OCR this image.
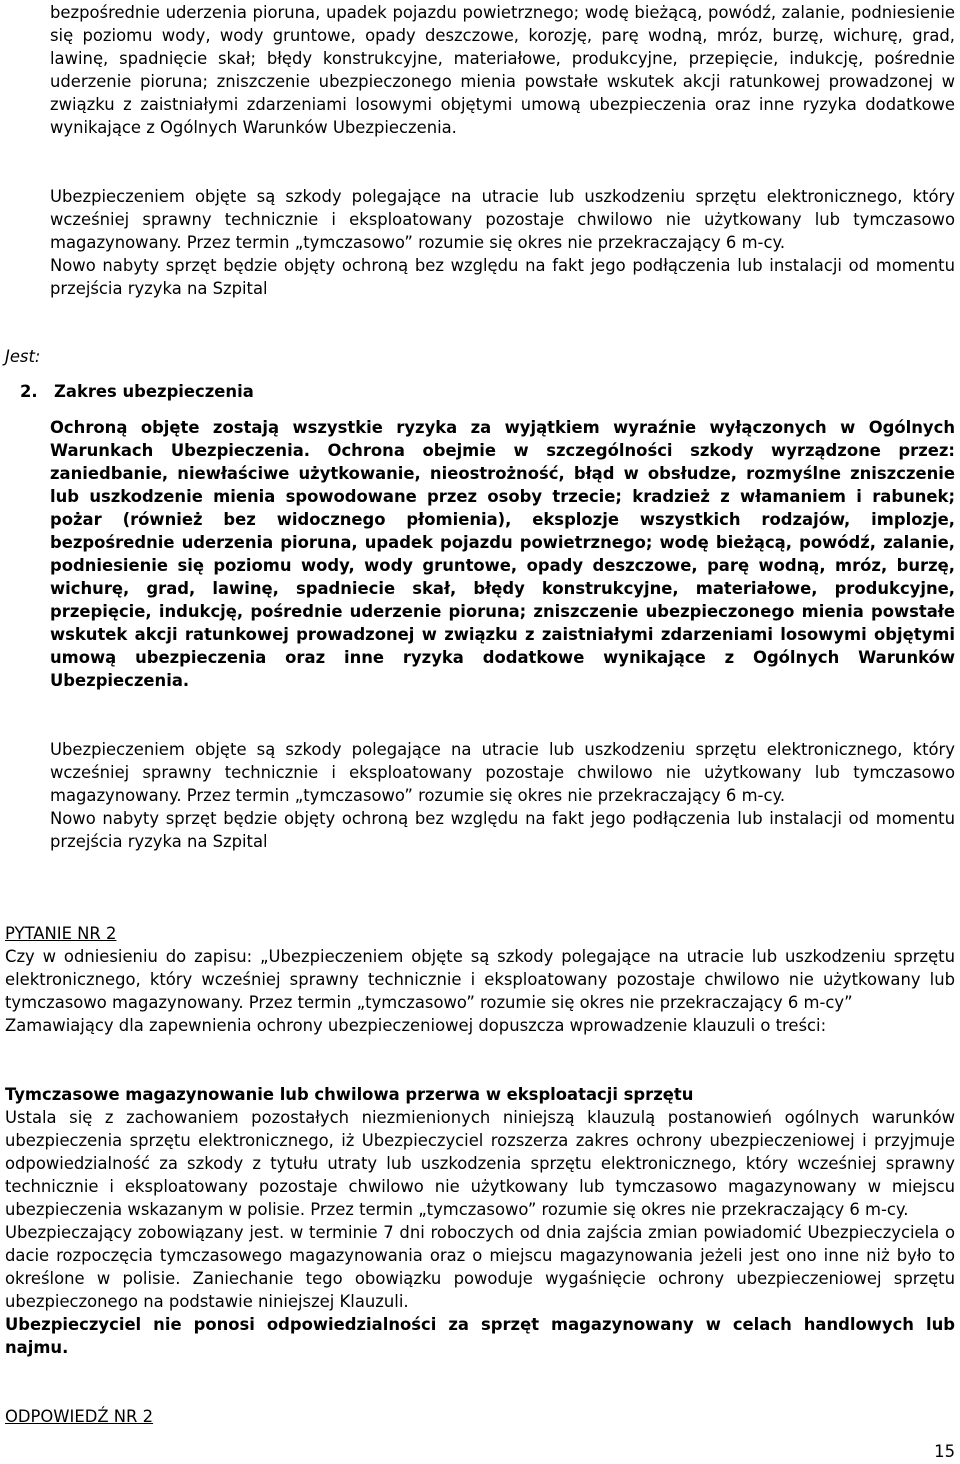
bezpośrednie uderzenia pioruna, upadek pojazdu powietrznego; wodę bieżącą, powódź, zalanie, podniesienie się poziomu wody, wody gruntowe, opady deszczowe, korozję, parę wodną, mróz, burzę, wichurę, grad, lawinę, spadnięcie skał; błędy konstrukcyjne, materiałowe, produkcyjne, przepięcie, indukcję, pośrednie uderzenie pioruna; zniszczenie ubezpieczonego mienia powstałe wskutek akcji ratunkowej prowadzonej w związku z zaistniałymi zdarzeniami losowymi objętymi umową ubezpieczenia oraz inne ryzyka dodatkowe wynikające z Ogólnych Warunków Ubezpieczenia.

Ubezpieczeniem objęte są szkody polegające na utracie lub uszkodzeniu sprzętu elektronicznego, który wcześniej sprawny technicznie i eksploatowany pozostaje chwilowo nie użytkowany lub tymczasowo magazynowany. Przez termin „tymczasowo” rozumie się okres nie przekraczający 6 m-cy.

Nowo nabyty sprzęt będzie objęty ochroną bez względu na fakt jego podłączenia lub instalacji od momentu przejścia ryzyka na Szpital

Jest:
2. Zakres ubezpieczenia

Ochroną objęte zostają wszystkie ryzyka za wyjątkiem wyraźnie wyłączonych w Ogólnych Warunkach Ubezpieczenia. Ochrona obejmie w szczególności szkody wyrządzone przez: zaniedbanie, niewłaściwe użytkowanie, nieostrożność, błąd w obsłudze, rozmyślne zniszczenie lub uszkodzenie mienia spowodowane przez osoby trzecie; kradzież z włamaniem i rabunek; pożar (również bez widocznego płomienia), eksplozje wszystkich rodzajów, implozje, bezpośrednie uderzenia pioruna, upadek pojazdu powietrznego; wodę bieżącą, powódź, zalanie, podniesienie się poziomu wody, wody gruntowe, opady deszczowe, parę wodną, mróz, burzę, wichurę, grad, lawinę, spadniecie skał, błędy konstrukcyjne, materiałowe, produkcyjne, przepięcie, indukcję, pośrednie uderzenie pioruna; zniszczenie ubezpieczonego mienia powstałe wskutek akcji ratunkowej prowadzonej w związku z zaistniałymi zdarzeniami losowymi objętymi umową ubezpieczenia oraz inne ryzyka dodatkowe wynikające z Ogólnych Warunków Ubezpieczenia.

Ubezpieczeniem objęte są szkody polegające na utracie lub uszkodzeniu sprzętu elektronicznego, który wcześniej sprawny technicznie i eksploatowany pozostaje chwilowo nie użytkowany lub tymczasowo magazynowany. Przez termin „tymczasowo” rozumie się okres nie przekraczający 6 m-cy.

Nowo nabyty sprzęt będzie objęty ochroną bez względu na fakt jego podłączenia lub instalacji od momentu przejścia ryzyka na Szpital

PYTANIE NR 2

Czy w odniesieniu do zapisu: „Ubezpieczeniem objęte są szkody polegające na utracie lub uszkodzeniu sprzętu elektronicznego, który wcześniej sprawny technicznie i eksploatowany pozostaje chwilowo nie użytkowany lub tymczasowo magazynowany. Przez termin „tymczasowo” rozumie się okres nie przekraczający 6 m-cy”

Zamawiający dla zapewnienia ochrony ubezpieczeniowej dopuszcza wprowadzenie klauzuli o treści:

Tymczasowe magazynowanie lub chwilowa przerwa w eksploatacji sprzętu

Ustala się z zachowaniem pozostałych niezmienionych niniejszą klauzulą postanowień ogólnych warunków ubezpieczenia sprzętu elektronicznego, iż Ubezpieczyciel rozszerza zakres ochrony ubezpieczeniowej i przyjmuje odpowiedzialność za szkody z tytułu utraty lub uszkodzenia sprzętu elektronicznego, który wcześniej sprawny technicznie i eksploatowany pozostaje chwilowo nie użytkowany lub tymczasowo magazynowany w miejscu ubezpieczenia wskazanym w polisie. Przez termin „tymczasowo” rozumie się okres nie przekraczający 6 m-cy.

Ubezpieczający zobowiązany jest. w terminie 7 dni roboczych od dnia zajścia zmian powiadomić Ubezpieczyciela o dacie rozpoczęcia tymczasowego magazynowania oraz o miejscu magazynowania jeżeli jest ono inne niż było to określone w polisie. Zaniechanie tego obowiązku powoduje wygaśnięcie ochrony ubezpieczeniowej sprzętu ubezpieczonego na podstawie niniejszej Klauzuli.

Ubezpieczyciel nie ponosi odpowiedzialności za sprzęt magazynowany w celach handlowych lub najmu.

ODPOWIEDŹ NR 2
15
